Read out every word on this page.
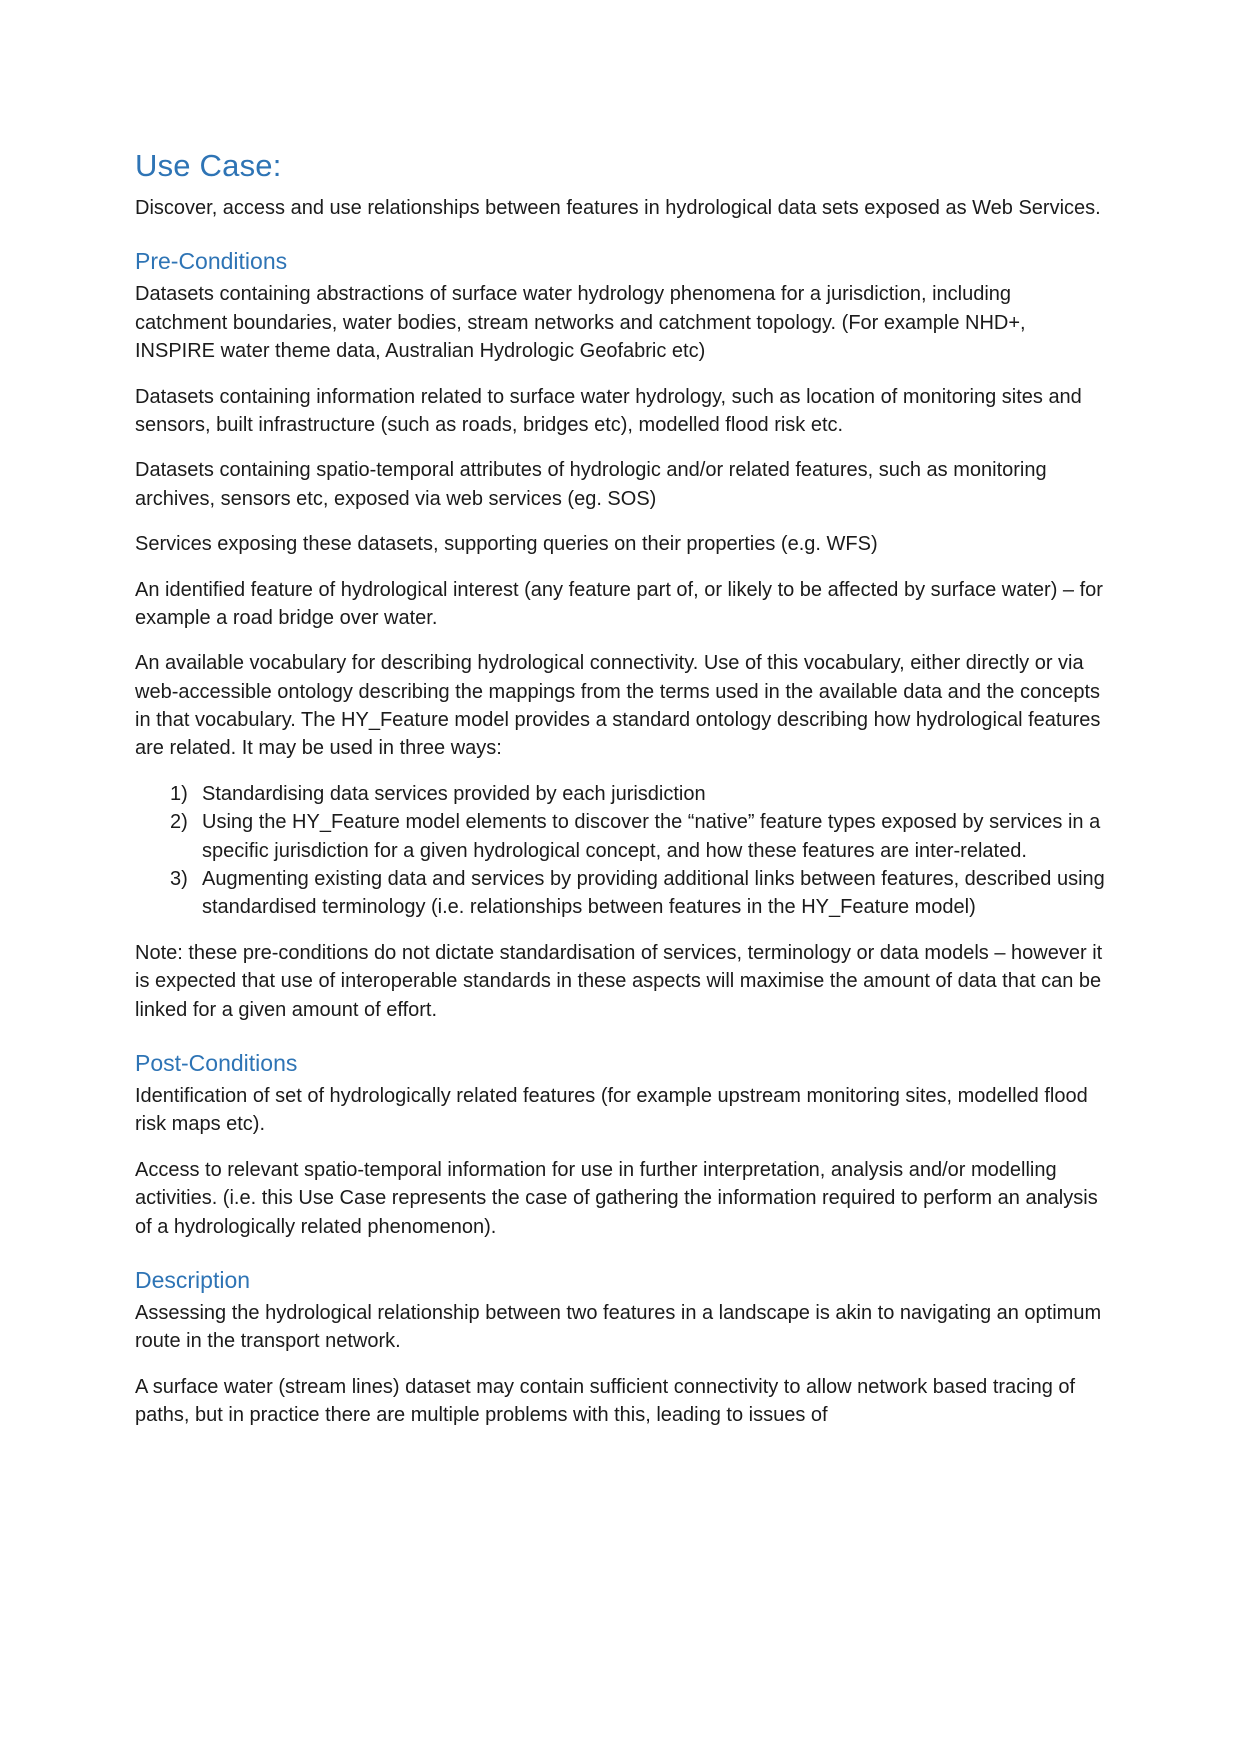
Use Case:

Discover, access and use relationships between features in hydrological data sets exposed as Web Services.

Pre-Conditions

Datasets containing abstractions of surface water hydrology phenomena for a jurisdiction, including catchment boundaries, water bodies, stream networks and catchment topology. (For example NHD+, INSPIRE water theme data, Australian Hydrologic Geofabric etc)

Datasets containing information related to surface water hydrology, such as location of monitoring sites and sensors, built infrastructure (such as roads, bridges etc), modelled flood risk etc.

Datasets containing spatio-temporal attributes of hydrologic and/or related features, such as monitoring archives, sensors etc, exposed via web services (eg. SOS)

Services exposing these datasets, supporting queries on their properties (e.g. WFS)

An identified feature of hydrological interest (any feature part of, or likely to be affected by surface water) – for example a road bridge over water.

An available vocabulary for describing hydrological connectivity. Use of this vocabulary, either directly or via web-accessible ontology describing the mappings from the terms used in the available data and the concepts in that vocabulary. The HY_Feature model provides a standard ontology describing how hydrological features are related. It may be used in three ways:

Standardising data services provided by each jurisdiction
Using the HY_Feature model elements to discover the “native” feature types exposed by services in a specific jurisdiction for a given hydrological concept, and how these features are inter-related.
Augmenting existing data and services by providing additional links between features, described using standardised terminology (i.e. relationships between features in the HY_Feature model)

Note: these pre-conditions do not dictate standardisation of services, terminology or data models – however it is expected that use of interoperable standards in these aspects will maximise the amount of data that can be linked for a given amount of effort.

Post-Conditions

Identification of set of hydrologically related features (for example upstream monitoring sites, modelled flood risk maps etc).

Access to relevant spatio-temporal information for use in further interpretation, analysis and/or modelling activities. (i.e. this Use Case represents the case of gathering the information required to perform an analysis of a hydrologically related phenomenon).

Description

Assessing the hydrological relationship between two features in a landscape is akin to navigating an optimum route in the transport network.

A surface water (stream lines) dataset may contain sufficient connectivity to allow network based tracing of paths, but in practice there are multiple problems with this, leading to issues of
